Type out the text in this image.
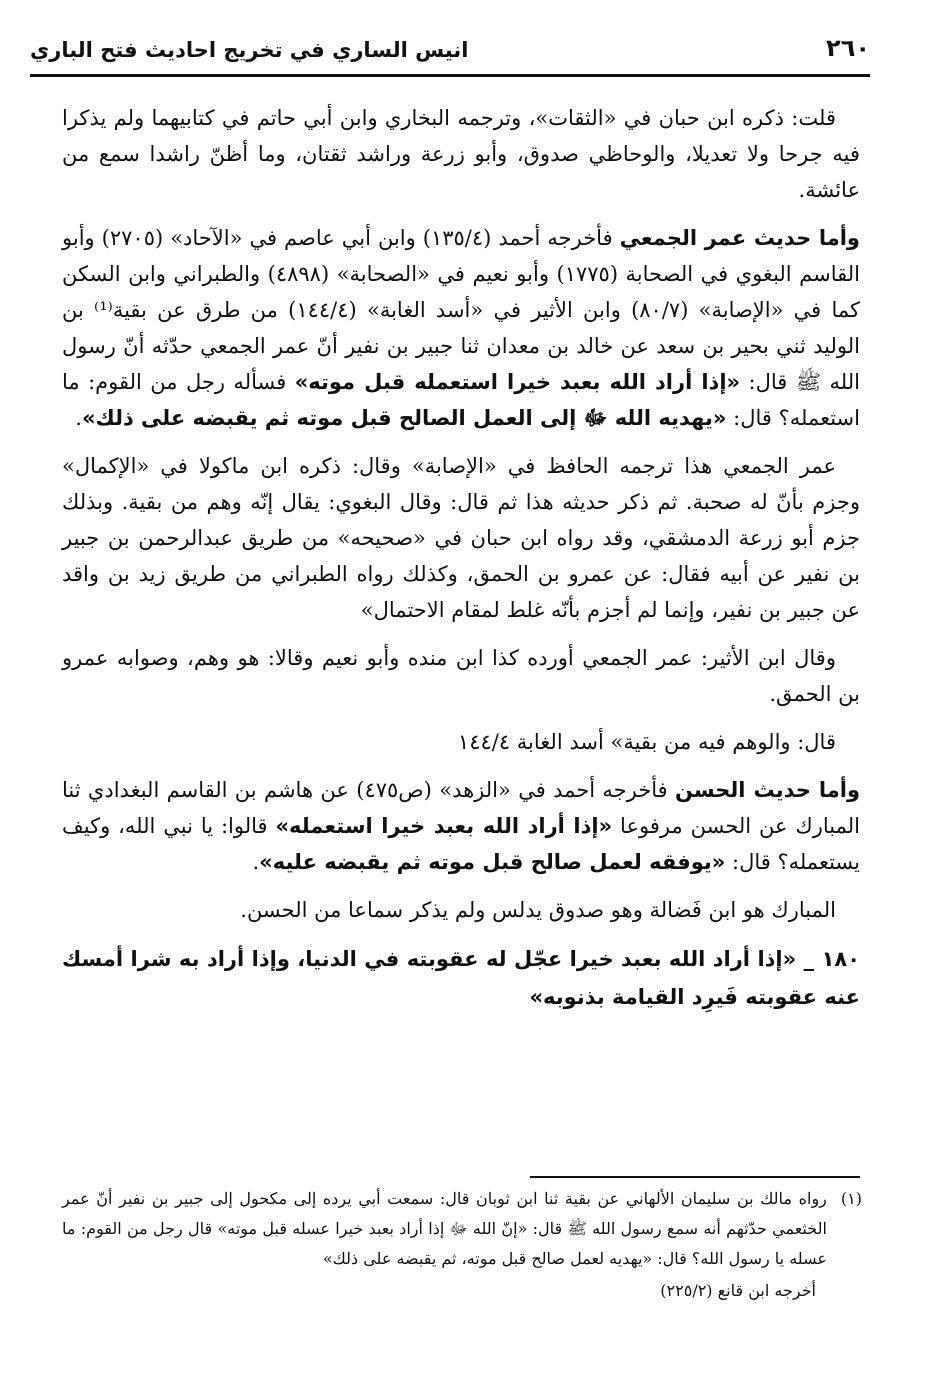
٢٦٠
انيس الساري في تخريج احاديث فتح الباري

قلت: ذكره ابن حبان في «الثقات»، وترجمه البخاري وابن أبي حاتم في كتابيهما ولم يذكرا فيه جرحا ولا تعديلا، والوحاظي صدوق، وأبو زرعة وراشد ثقتان، وما أظنّ راشدا سمع من عائشة.

وأما حديث عمر الجمعي فأخرجه أحمد (١٣٥/٤) وابن أبي عاصم في «الآحاد» (٢٧٠٥) وأبو القاسم البغوي في الصحابة (١٧٧٥) وأبو نعيم في «الصحابة» (٤٨٩٨) والطبراني وابن السكن كما في «الإصابة» (٨٠/٧) وابن الأثير في «أسد الغابة» (١٤٤/٤) من طرق عن بقية⁽¹⁾ بن الوليد ثني بحير بن سعد عن خالد بن معدان ثنا جبير بن نفير أنّ عمر الجمعي حدّثه أنّ رسول الله ﷺ قال: «إذا أراد الله بعبد خيرا استعمله قبل موته» فسأله رجل من القوم: ما استعمله؟ قال: «يهديه الله ﷻ إلى العمل الصالح قبل موته ثم يقبضه على ذلك».

عمر الجمعي هذا ترجمه الحافظ في «الإصابة» وقال: ذكره ابن ماكولا في «الإكمال» وجزم بأنّ له صحبة. ثم ذكر حديثه هذا ثم قال: وقال البغوي: يقال إنّه وهم من بقية. وبذلك جزم أبو زرعة الدمشقي، وقد رواه ابن حبان في «صحيحه» من طريق عبدالرحمن بن جبير بن نفير عن أبيه فقال: عن عمرو بن الحمق، وكذلك رواه الطبراني من طريق زيد بن واقد عن جبير بن نفير، وإنما لم أجزم بأنّه غلط لمقام الاحتمال»

وقال ابن الأثير: عمر الجمعي أورده كذا ابن منده وأبو نعيم وقالا: هو وهم، وصوابه عمرو بن الحمق.

قال: والوهم فيه من بقية» أسد الغابة ١٤٤/٤

وأما حديث الحسن فأخرجه أحمد في «الزهد» (ص٤٧٥) عن هاشم بن القاسم البغدادي ثنا المبارك عن الحسن مرفوعا «إذا أراد الله بعبد خيرا استعمله» قالوا: يا نبي الله، وكيف يستعمله؟ قال: «يوفقه لعمل صالح قبل موته ثم يقبضه عليه».

المبارك هو ابن فَضالة وهو صدوق يدلس ولم يذكر سماعا من الحسن.

١٨٠ _ «إذا أراد الله بعبد خيرا عجّل له عقوبته في الدنيا، وإذا أراد به شرا أمسك عنه عقوبته فَيرِد القيامة بذنوبه»

(١)
رواه مالك بن سليمان الألهاني عن بقية ثنا ابن ثوبان قال: سمعت أبي يرده إلى مكحول إلى جبير بن نفير أنّ عمر الخثعمي حدّثهم أنه سمع رسول الله ﷺ قال: «إنّ الله ﷻ إذا أراد بعبد خيرا عسله قبل موته» قال رجل من القوم: ما عسله يا رسول الله؟ قال: «يهديه لعمل صالح قبل موته، ثم يقبضه على ذلك»
أخرجه ابن قانع (٢٢٥/٢)
